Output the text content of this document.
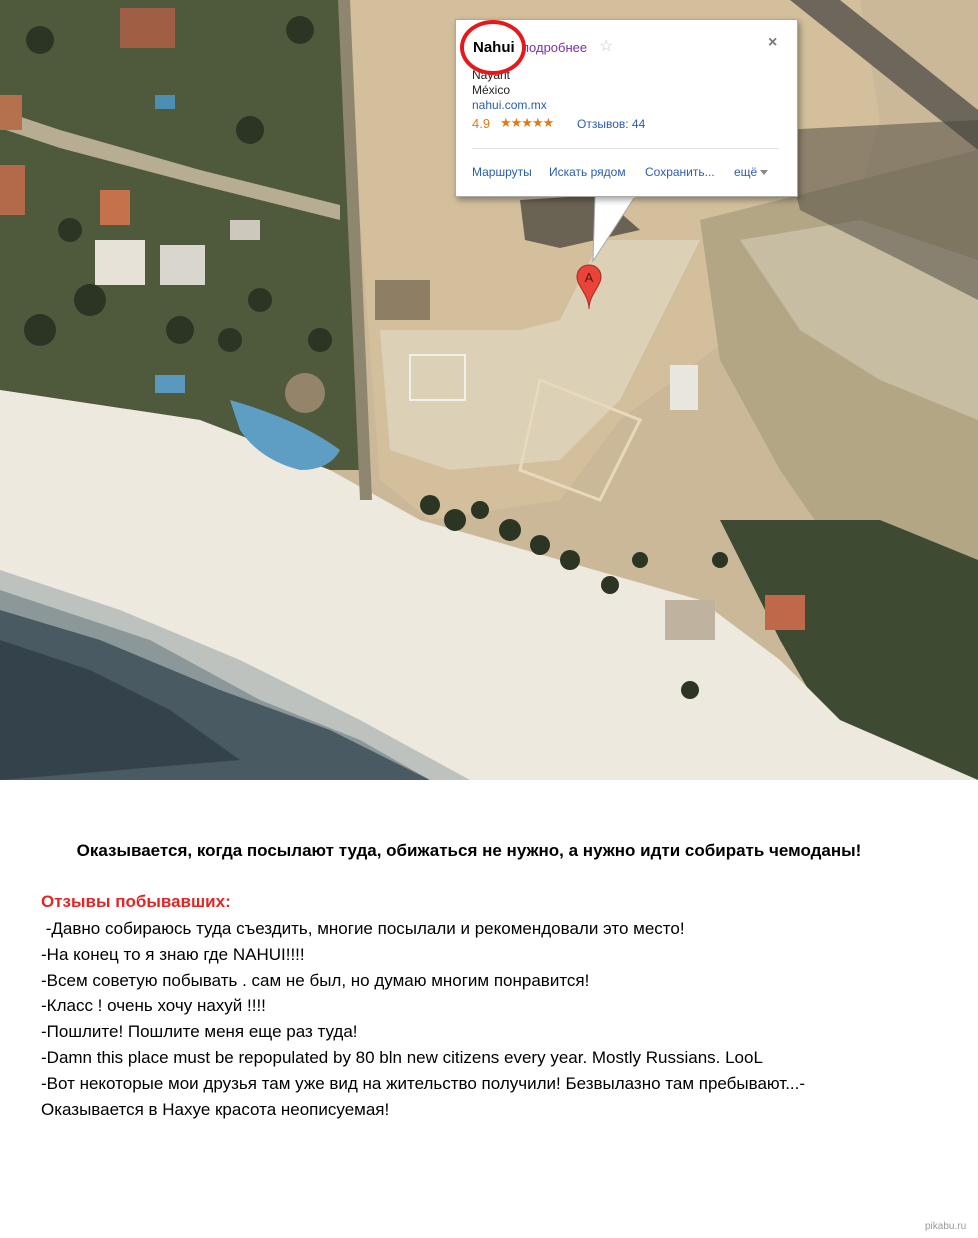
A
Nahui подробнее ☆	×
Nayarit
México
nahui.com.mx
4.9 ★★★★★ Отзывов: 44
Маршруты Искать рядом Сохранить... ещё
Оказывается, когда посылают туда, обижаться не нужно, а нужно идти собирать чемоданы!
Отзывы побывавших:
-Давно собираюсь туда съездить, многие посылали и рекомендовали это место!
-На конец то я знаю где NAHUI!!!!
-Всем советую побывать . сам не был, но думаю многим понравится!
-Класс ! очень хочу нахуй !!!!
-Пошлите! Пошлите меня еще раз туда!
-Damn this place must be repopulated by 80 bln new citizens every year. Mostly Russians. LooL
-Вот некоторые мои друзья там уже вид на жительство получили! Безвылазно там пребывают...-
Оказывается в Нахуе красота неописуемая!
pikabu.ru
